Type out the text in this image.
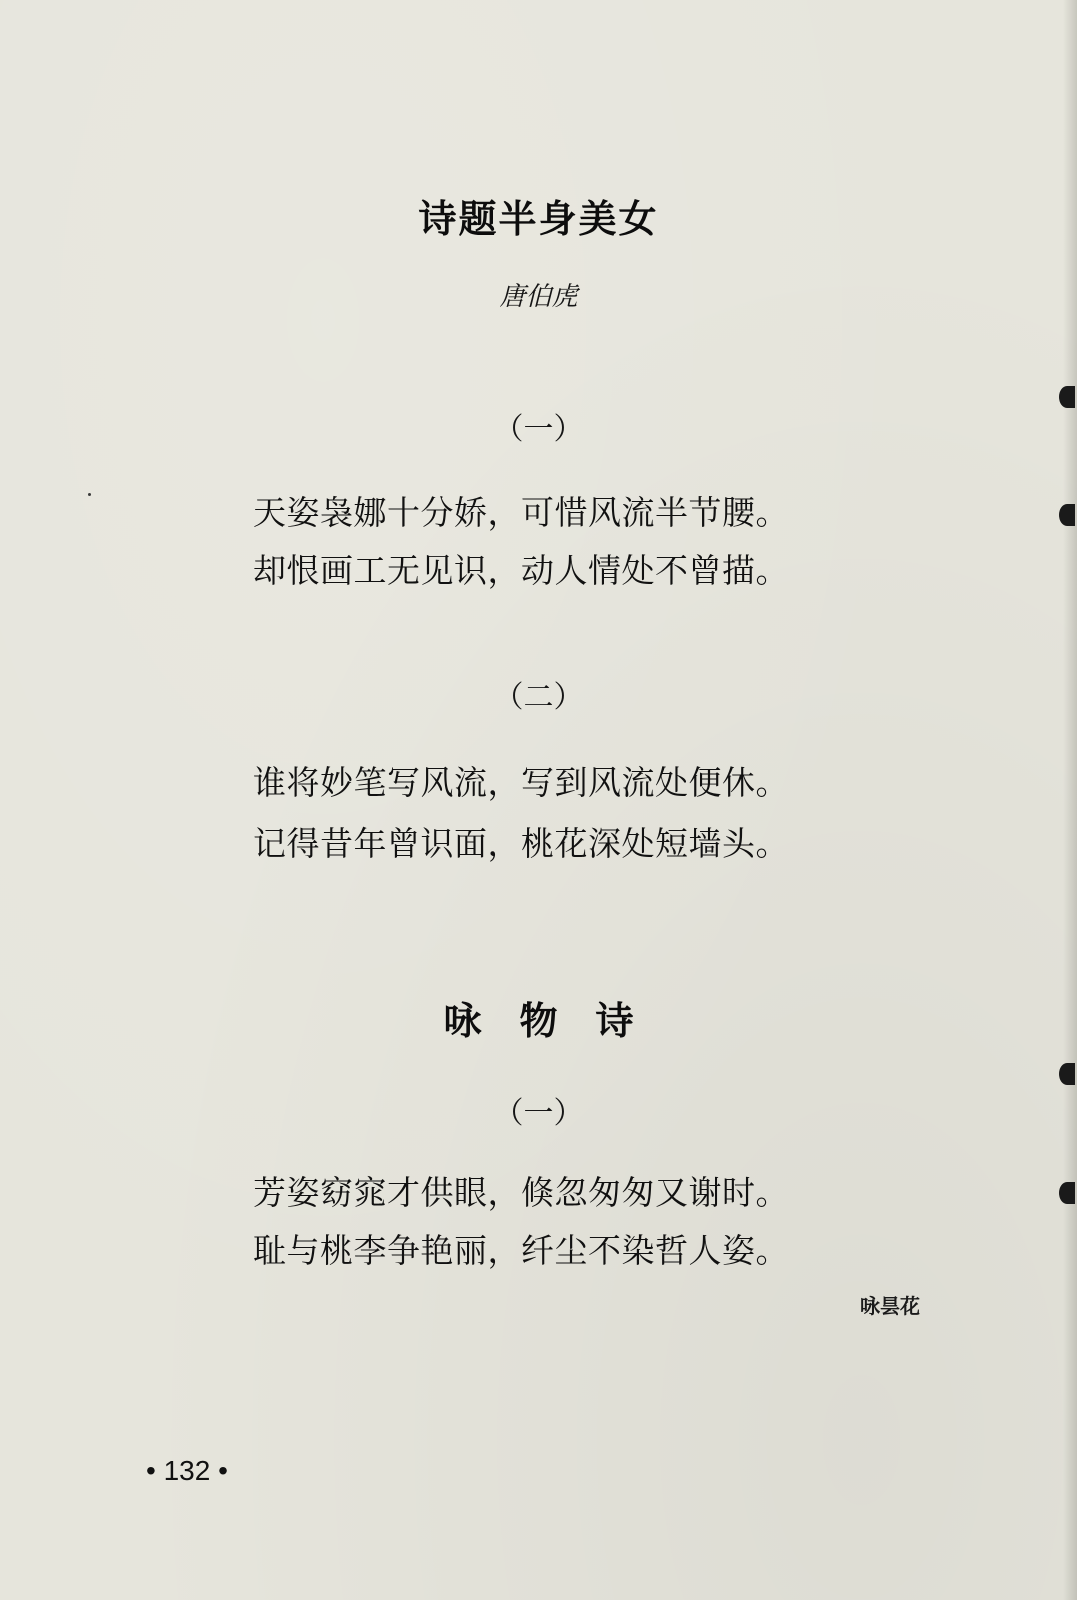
诗题半身美女
唐伯虎
（一）
天姿袅娜十分娇，可惜风流半节腰。
却恨画工无见识，动人情处不曾描。
（二）
谁将妙笔写风流，写到风流处便休。
记得昔年曾识面，桃花深处短墙头。
咏物诗
（一）
芳姿窈窕才供眼，倏忽匆匆又谢时。
耻与桃李争艳丽，纤尘不染哲人姿。
咏昙花
• 132 •
